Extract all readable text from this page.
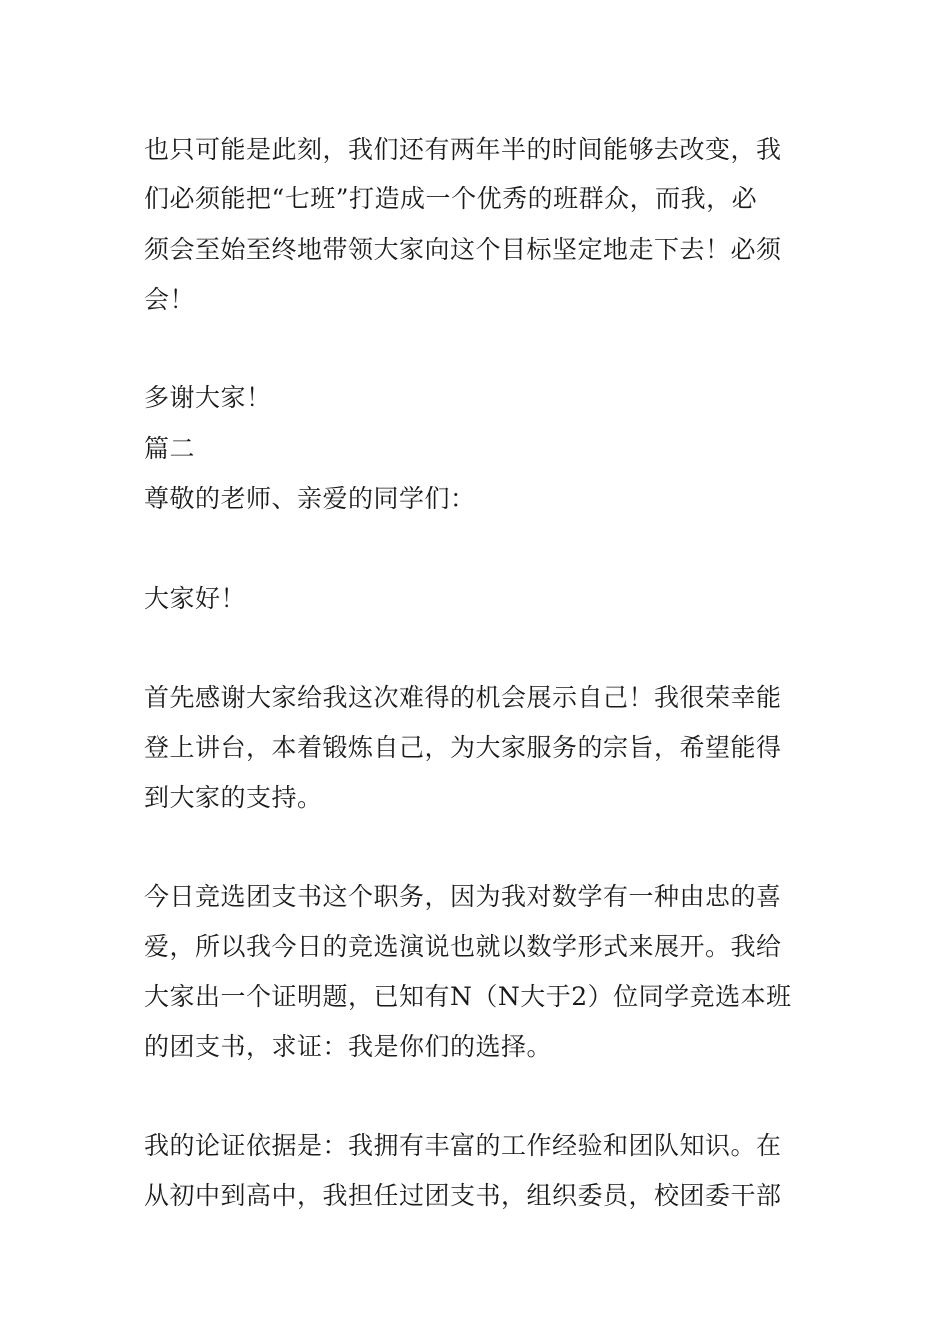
也只可能是此刻，我们还有两年半的时间能够去改变，我

们必须能把“七班”打造成一个优秀的班群众，而我，必

须会至始至终地带领大家向这个目标坚定地走下去！必须

会！

多谢大家！

篇二

尊敬的老师、亲爱的同学们：

大家好！

首先感谢大家给我这次难得的机会展示自己！我很荣幸能

登上讲台，本着锻炼自己，为大家服务的宗旨，希望能得

到大家的支持。

今日竞选团支书这个职务，因为我对数学有一种由忠的喜

爱，所以我今日的竞选演说也就以数学形式来展开。我给

大家出一个证明题，已知有N（N大于2）位同学竞选本班

的团支书，求证：我是你们的选择。

我的论证依据是：我拥有丰富的工作经验和团队知识。在

从初中到高中，我担任过团支书，组织委员，校团委干部
